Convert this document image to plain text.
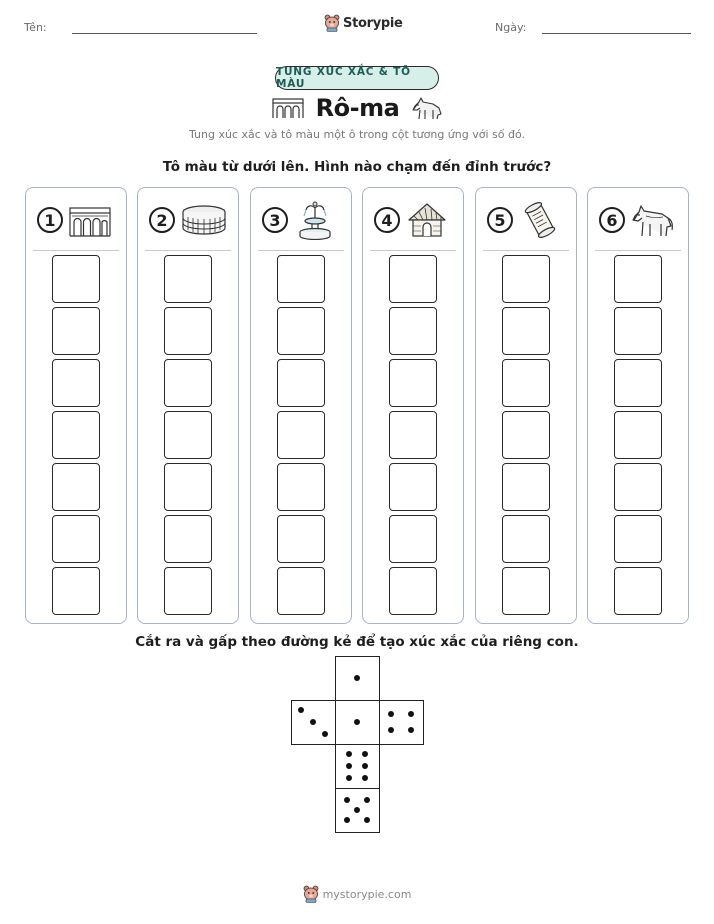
Tên:	Storypie	Ngày:
TUNG XÚC XẮC & TÔ MÀU
Rô-ma
Tung xúc xắc và tô màu một ô trong cột tương ứng với số đó.
Tô màu từ dưới lên. Hình nào chạm đến đỉnh trước?
1	2	3	4	5	6
Cắt ra và gấp theo đường kẻ để tạo xúc xắc của riêng con.
mystorypie.com
